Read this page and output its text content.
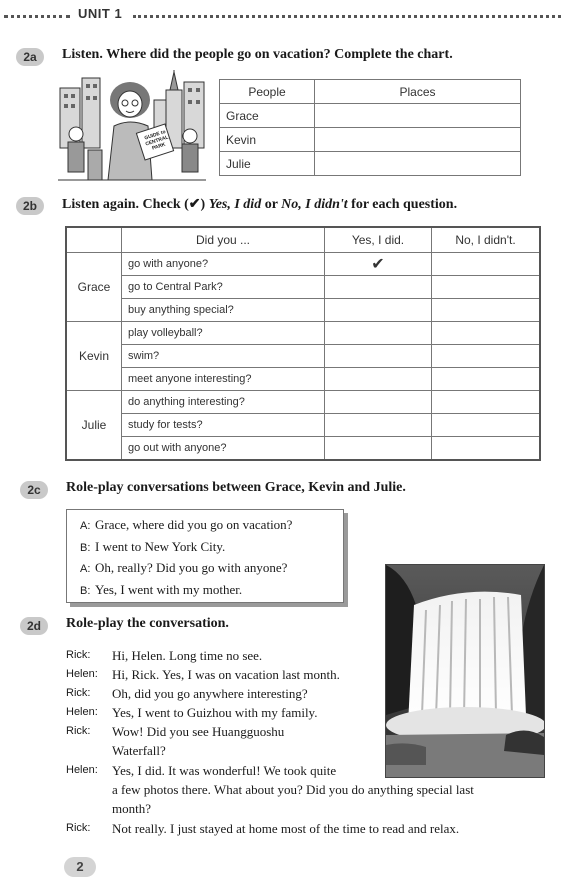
UNIT 1
2a	Listen. Where did the people go on vacation? Complete the chart.
GUIDE to CENTRAL PARK
People	Places
Grace	
Kevin	
Julie	
2b	Listen again. Check (✔) Yes, I did or No, I didn't for each question.
	Did you ...	Yes, I did.	No, I didn't.
Grace	go with anyone?	✔	
	go to Central Park?		
	buy anything special?		
Kevin	play volleyball?		
	swim?		
	meet anyone interesting?		
Julie	do anything interesting?		
	study for tests?		
	go out with anyone?		
2c	Role-play conversations between Grace, Kevin and Julie.
A: Grace, where did you go on vacation?
B: I went to New York City.
A: Oh, really? Did you go with anyone?
B: Yes, I went with my mother.
2d	Role-play the conversation.
Rick: Hi, Helen. Long time no see.
Helen: Hi, Rick. Yes, I was on vacation last month.
Rick: Oh, did you go anywhere interesting?
Helen: Yes, I went to Guizhou with my family.
Rick: Wow! Did you see Huangguoshu
Waterfall?
Helen: Yes, I did. It was wonderful! We took quite
a few photos there. What about you? Did you do anything special last
month?
Rick: Not really. I just stayed at home most of the time to read and relax.
2
